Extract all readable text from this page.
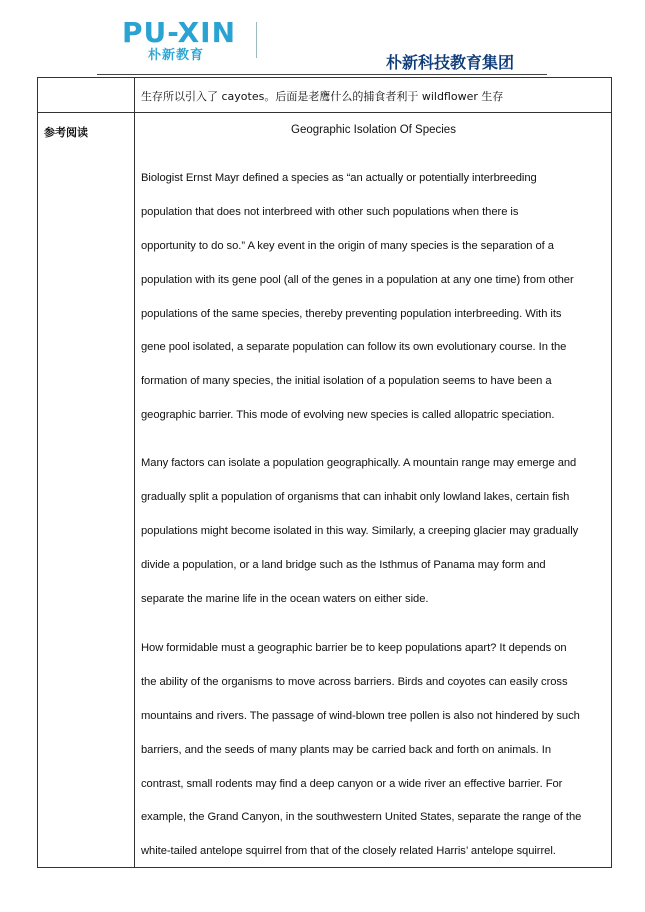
PU-XIN
朴新教育	朴新科技教育集团
生存所以引入了 cayotes。后面是老鹰什么的捕食者利于 wildflower 生存
参考阅读	Geographic Isolation Of Species
Biologist Ernst Mayr defined a species as “an actually or potentially interbreeding
population that does not interbreed with other such populations when there is
opportunity to do so.” A key event in the origin of many species is the separation of a
population with its gene pool (all of the genes in a population at any one time) from other
populations of the same species, thereby preventing population interbreeding. With its
gene pool isolated, a separate population can follow its own evolutionary course. In the
formation of many species, the initial isolation of a population seems to have been a
geographic barrier. This mode of evolving new species is called allopatric speciation.
Many factors can isolate a population geographically. A mountain range may emerge and
gradually split a population of organisms that can inhabit only lowland lakes, certain fish
populations might become isolated in this way. Similarly, a creeping glacier may gradually
divide a population, or a land bridge such as the Isthmus of Panama may form and
separate the marine life in the ocean waters on either side.
How formidable must a geographic barrier be to keep populations apart? It depends on
the ability of the organisms to move across barriers. Birds and coyotes can easily cross
mountains and rivers. The passage of wind-blown tree pollen is also not hindered by such
barriers, and the seeds of many plants may be carried back and forth on animals. In
contrast, small rodents may find a deep canyon or a wide river an effective barrier. For
example, the Grand Canyon, in the southwestern United States, separate the range of the
white-tailed antelope squirrel from that of the closely related Harris’ antelope squirrel.
